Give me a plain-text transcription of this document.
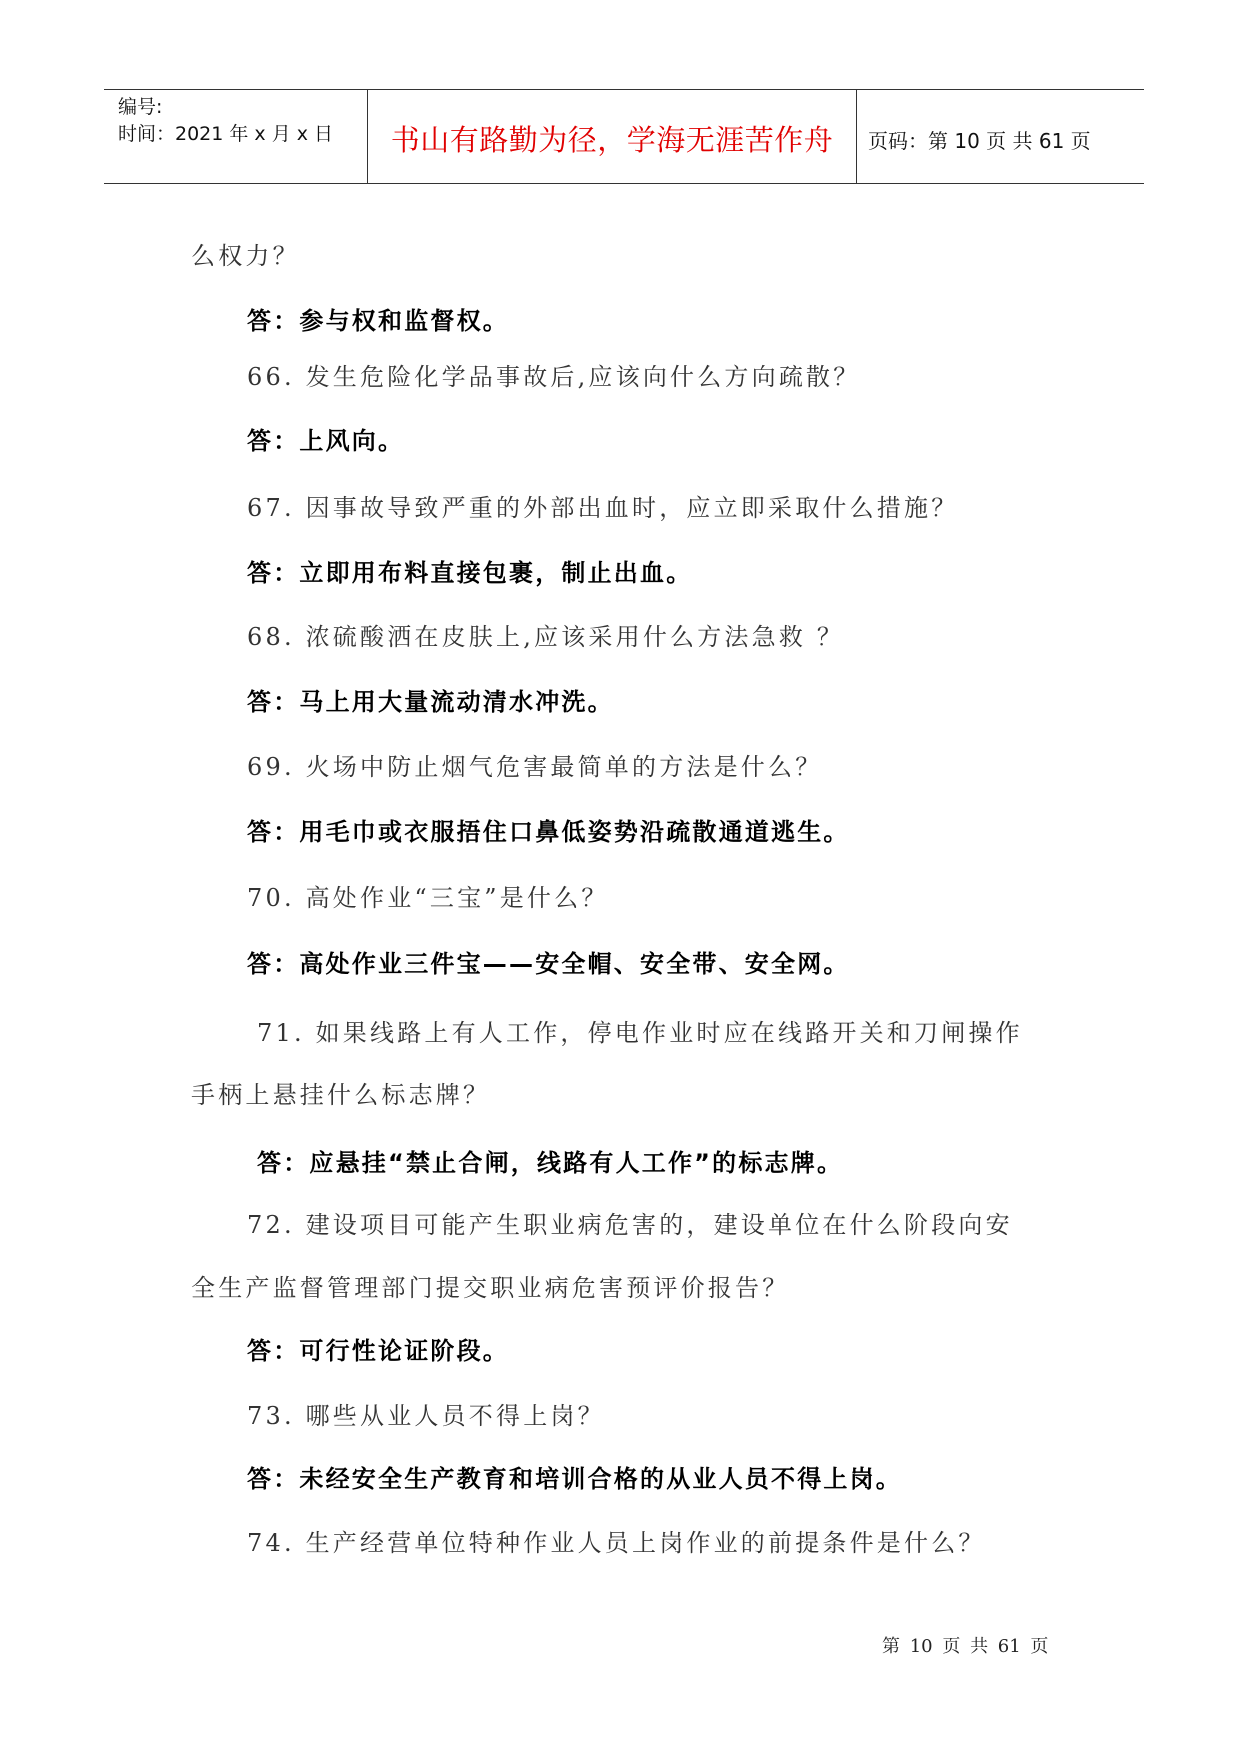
编号:
时间：2021 年 x 月 x 日	书山有路勤为径，学海无涯苦作舟	页码：第 10 页 共 61 页
么权力？
答：参与权和监督权。
66. 发生危险化学品事故后,应该向什么方向疏散？
答：上风向。
67. 因事故导致严重的外部出血时，应立即采取什么措施？
答：立即用布料直接包裹，制止出血。
68. 浓硫酸洒在皮肤上,应该采用什么方法急救 ？
答：马上用大量流动清水冲洗。
69. 火场中防止烟气危害最简单的方法是什么？
答：用毛巾或衣服捂住口鼻低姿势沿疏散通道逃生。
70. 高处作业“三宝”是什么？
答：高处作业三件宝——安全帽、安全带、安全网。
71. 如果线路上有人工作，停电作业时应在线路开关和刀闸操作
手柄上悬挂什么标志牌？
答：应悬挂“禁止合闸，线路有人工作”的标志牌。
72. 建设项目可能产生职业病危害的，建设单位在什么阶段向安
全生产监督管理部门提交职业病危害预评价报告？
答：可行性论证阶段。
73. 哪些从业人员不得上岗？
答：未经安全生产教育和培训合格的从业人员不得上岗。
74. 生产经营单位特种作业人员上岗作业的前提条件是什么？
第 10 页 共 61 页
